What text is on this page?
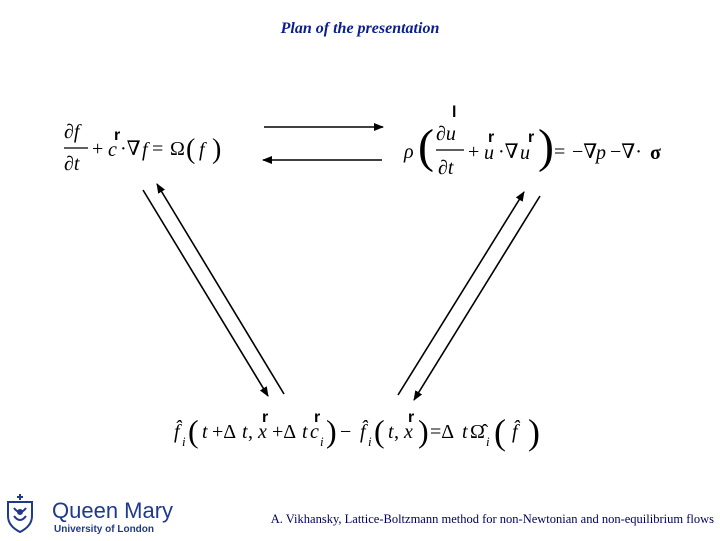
Plan of the presentation
∂f
∂t
+ c
r
·∇ f = Ω ( f )	ρ (
l
∂u
∂t
+ u
r
·∇ u
r ) = −∇
p −∇· σ
f̂ i ( t +Δ t , x
r
+Δ t c
r
i ) − f̂ i ( t , x
r ) =Δ t Ω̂ i ( f̂ )
Queen Mary
University of London
A. Vikhansky, Lattice-Boltzmann method for non-Newtonian and non-equilibrium flows
